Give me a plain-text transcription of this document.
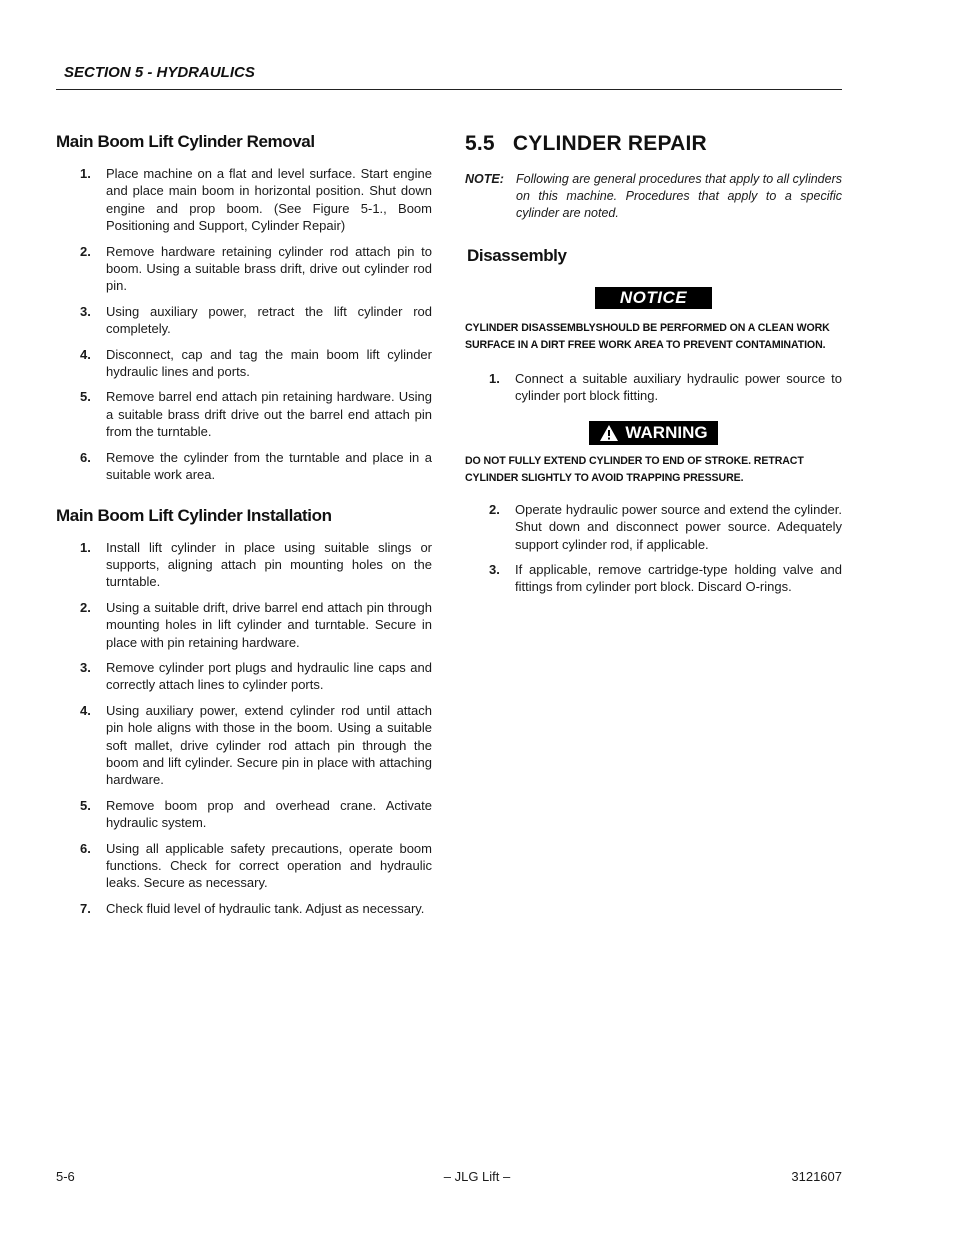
SECTION 5 - HYDRAULICS
Main Boom Lift Cylinder Removal
1. Place machine on a flat and level surface. Start engine and place main boom in horizontal position. Shut down engine and prop boom. (See Figure 5-1., Boom Positioning and Support, Cylinder Repair)
2. Remove hardware retaining cylinder rod attach pin to boom. Using a suitable brass drift, drive out cylinder rod pin.
3. Using auxiliary power, retract the lift cylinder rod completely.
4. Disconnect, cap and tag the main boom lift cylinder hydraulic lines and ports.
5. Remove barrel end attach pin retaining hardware. Using a suitable brass drift drive out the barrel end attach pin from the turntable.
6. Remove the cylinder from the turntable and place in a suitable work area.
Main Boom Lift Cylinder Installation
1. Install lift cylinder in place using suitable slings or supports, aligning attach pin mounting holes on the turntable.
2. Using a suitable drift, drive barrel end attach pin through mounting holes in lift cylinder and turntable. Secure in place with pin retaining hardware.
3. Remove cylinder port plugs and hydraulic line caps and correctly attach lines to cylinder ports.
4. Using auxiliary power, extend cylinder rod until attach pin hole aligns with those in the boom. Using a suitable soft mallet, drive cylinder rod attach pin through the boom and lift cylinder. Secure pin in place with attaching hardware.
5. Remove boom prop and overhead crane. Activate hydraulic system.
6. Using all applicable safety precautions, operate boom functions. Check for correct operation and hydraulic leaks. Secure as necessary.
7. Check fluid level of hydraulic tank. Adjust as necessary.
5.5   CYLINDER REPAIR
NOTE: Following are general procedures that apply to all cylinders on this machine. Procedures that apply to a specific cylinder are noted.
Disassembly
NOTICE

CYLINDER DISASSEMBLYSHOULD BE PERFORMED ON A CLEAN WORK SURFACE IN A DIRT FREE WORK AREA TO PREVENT CONTAMINATION.

1. Connect a suitable auxiliary hydraulic power source to cylinder port block fitting.
WARNING

DO NOT FULLY EXTEND CYLINDER TO END OF STROKE. RETRACT CYLINDER SLIGHTLY TO AVOID TRAPPING PRESSURE.

2. Operate hydraulic power source and extend the cylinder. Shut down and disconnect power source. Adequately support cylinder rod, if applicable.
3. If applicable, remove cartridge-type holding valve and fittings from cylinder port block. Discard O-rings.
5-6	– JLG Lift –	3121607
